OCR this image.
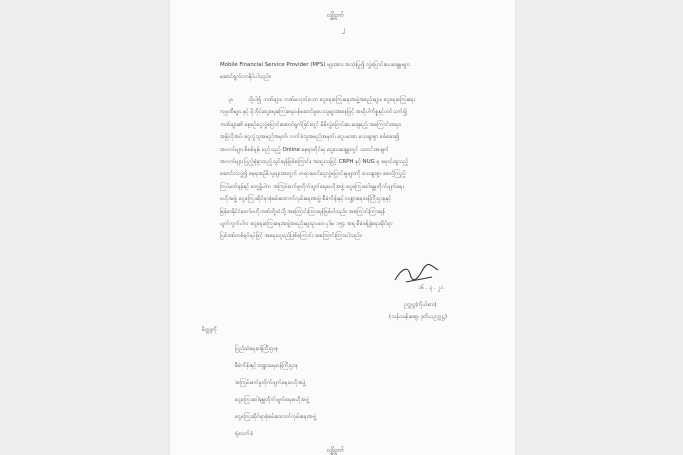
လျှို့ဝှက်
၂
Mobile Financial Service Provider (MFS) များအား အသုံးပြု၍ လွှဲပြောင်းပေးချေမှုများ
ဆောင်ရွက်လာနိုင်ပါသည်။
၃။	သို့ပါ၍ ဘဏ်များ၊ ဘဏ်မဟုတ်သော ငွေရေးကြေးရေးအဖွဲ့အစည်းများ၊ ငွေရေးကြေးရေး
ကုမ္ပဏီများ နှင့် မိုဘိုင်းငွေရေးကြေးရေးဝန်ဆောင်မှုပေးသူများအနေဖြင့် အထိုပါကိစ္စနှင့်ပတ်သက်၍
ဘဏ်များ၏ နေ့စဉ်ငွေလွှဲပြောင်းဆောင်ရွက်ခြင်းတွင် မိမိလွှဲပြောင်းပေးချေမည့် အကြောင်းအရာ၊
အမြဲလိုအပ်၊ ငွေလွှဲသူအမည်အမှတ်၊ လက်ခံသူအမည်အမှတ်၊ ငွေပမာဏ သေချာစွာ စစ်ဆေး၍
အလက်များ စိစစ်ရန်၊ မည်သည့် Online နေရာတိုင်းမှ ငွေပေးချေမှုတွင် သတင်းအချက်
အလက်များ ပြည့်စုံစွာထည့်သွင်းရန်ဖြစ်ကြောင်း၊ အထူးသဖြင့် CRPH နှင့် NUG မှ ရောင်းချသည့်
ဆောင်လဲလွှဲ၍ နေရာစဉ်မိသူများအတွက် တရားမဝင်ငွေလွှဲပြောင်းမှုများကို သေချာစွာ စောင့်ကြည့်
ကြပ်မတ်ရန်နှင့် တွေ့ရှိပါက အကြမ်းဖက်မှုတိုက်ဖျက်ရေးဗဟိုအဖွဲ့၊ ငွေကြေးခဝါချမှုတိုက်ဖျက်ရေး
ဗဟိုအဖွဲ့၊ ငွေကြေးဆိုင်ရာစုံစမ်းထောက်လှမ်းရေးအဖွဲ့၊ စီမံကိန်းနှင့်ဘဏ္ဍာရေးဝန်ကြီးဌာနနှင့်
မြန်မာနိုင်ငံတော်ဗဟိုဘဏ်တို့ထံသို့ အကြောင်းကြားရန်ဖြစ်ပါသည်။ အကြောင်းကြားရန်
ပျက်ကွက်ပါက ငွေရေးကြေးရေးအဖွဲ့အစည်းများဥပဒေ ပုဒ်မ ၁၅၄ အရ စီမံခန့်ခွဲရေးဆိုင်ရာ
ပြစ်ဒဏ်တစ်ရပ်ရပ်ဖြင့် အရေးယူမည်ဖြစ်ကြောင်း အကြောင်းကြားပါသည်။
၁၆ . ၃ . ၂၁
ဥက္ကဋ္ဌ(ကိုယ်စား)
(သန်းသန်းဆွေ၊ ဒုတိယဥက္ကဋ္ဌ)
မိတ္တူကို
ပြည်ထဲရေးဝန်ကြီးဌာန
စီမံကိန်းနှင့်ဘဏ္ဍာရေးဝန်ကြီးဌာန
အကြမ်းဖက်မှုတိုက်ဖျက်ရေးဗဟိုအဖွဲ့
ငွေကြေးခဝါချမှုတိုက်ဖျက်ရေးဗဟိုအဖွဲ့
ငွေကြေးဆိုင်ရာစုံစမ်းထောက်လှမ်းရေးအဖွဲ့
ရုံးလက်ခံ
လျှို့ဝှက်
